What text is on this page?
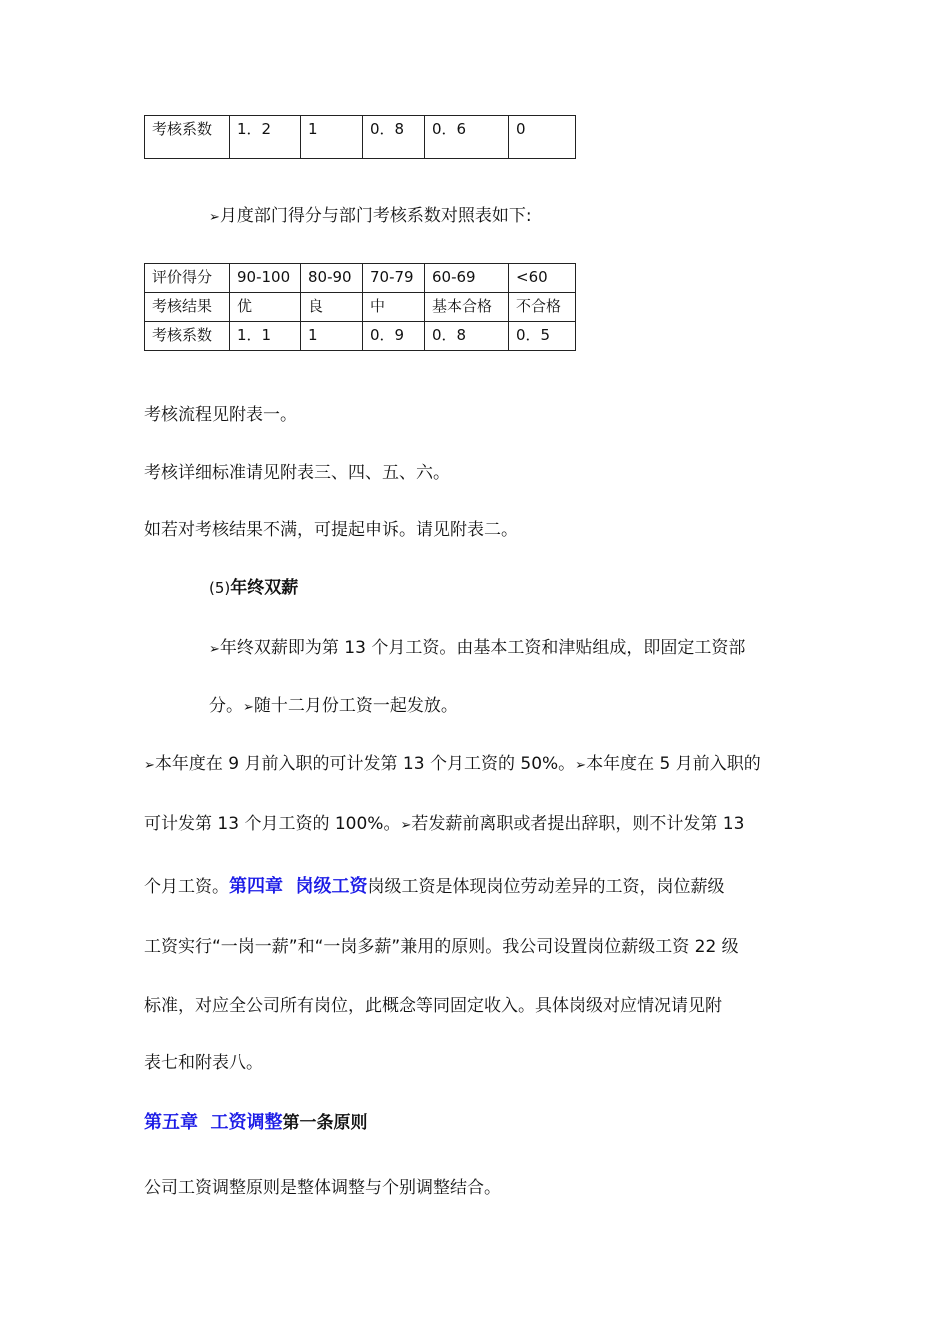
考核系数	1．2	1	0．8	0．6	0
➢月度部门得分与部门考核系数对照表如下:
评价得分	90-100	80-90	70-79	60-69	<60
考核结果	优	良	中	基本合格	不合格
考核系数	1．1	1	0．9	0．8	0．5
考核流程见附表一。
考核详细标准请见附表三、四、五、六。
如若对考核结果不满，可提起申诉。请见附表二。
(5)年终双薪
➢年终双薪即为第 13 个月工资。由基本工资和津贴组成，即固定工资部
分。➢随十二月份工资一起发放。
➢本年度在 9 月前入职的可计发第 13 个月工资的 50%。➢本年度在 5 月前入职的
可计发第 13 个月工资的 100%。➢若发薪前离职或者提出辞职，则不计发第 13
个月工资。第四章  岗级工资岗级工资是体现岗位劳动差异的工资，岗位薪级
工资实行“一岗一薪”和“一岗多薪”兼用的原则。我公司设置岗位薪级工资 22 级
标准，对应全公司所有岗位，此概念等同固定收入。具体岗级对应情况请见附
表七和附表八。
第五章  工资调整第一条原则
公司工资调整原则是整体调整与个别调整结合。
